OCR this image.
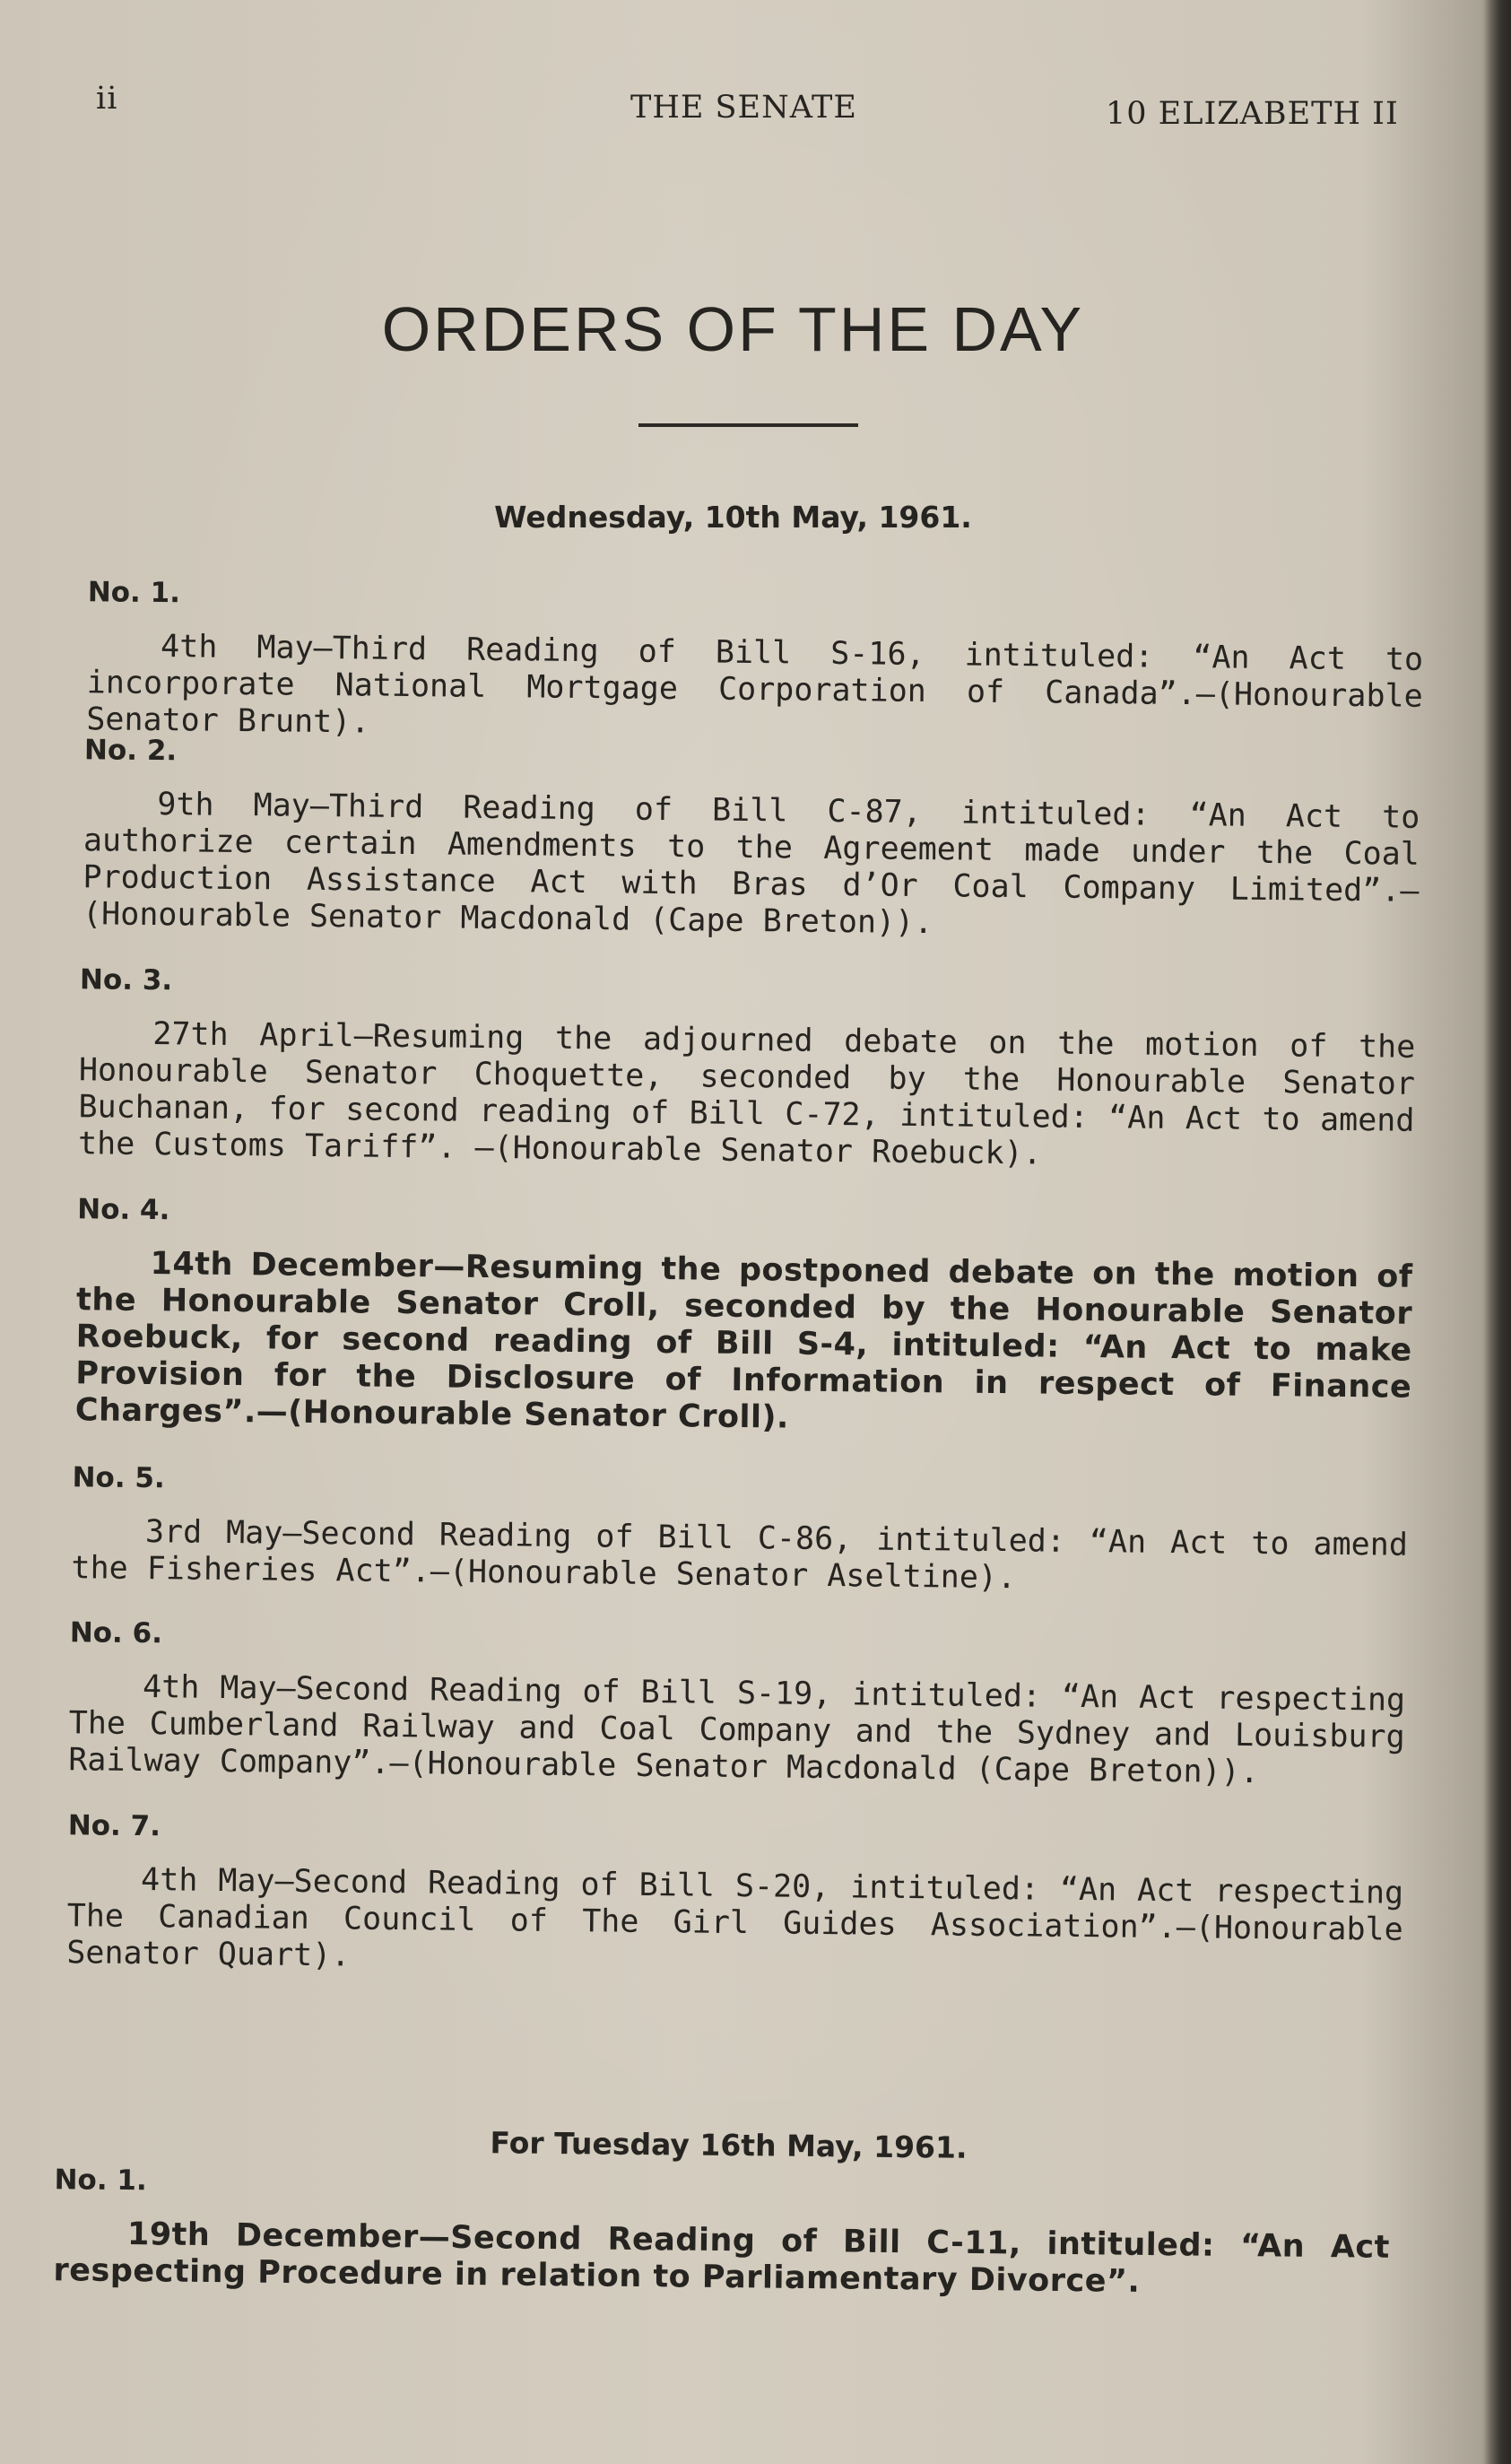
ii	THE SENATE	10 ELIZABETH II
ORDERS OF THE DAY
Wednesday, 10th May, 1961.
No. 1.
4th May—Third Reading of Bill S-16, intituled: “An Act to incorporate National Mortgage Corporation of Canada”.—(Honourable Senator Brunt).
No. 2.
9th May—Third Reading of Bill C-87, intituled: “An Act to authorize certain Amendments to the Agreement made under the Coal Production Assistance Act with Bras d’Or Coal Company Limited”.—(Honourable Senator Macdonald (Cape Breton)).
No. 3.
27th April—Resuming the adjourned debate on the motion of the Honourable Senator Choquette, seconded by the Honourable Senator Buchanan, for second reading of Bill C-72, intituled: “An Act to amend the Customs Tariff”. —(Honourable Senator Roebuck).
No. 4.
14th December—Resuming the postponed debate on the motion of the Honourable Senator Croll, seconded by the Honourable Senator Roebuck, for second reading of Bill S-4, intituled: “An Act to make Provision for the Disclosure of Information in respect of Finance Charges”.—(Honourable Senator Croll).
No. 5.
3rd May—Second Reading of Bill C-86, intituled: “An Act to amend the Fisheries Act”.—(Honourable Senator Aseltine).
No. 6.
4th May—Second Reading of Bill S-19, intituled: “An Act respecting The Cumberland Railway and Coal Company and the Sydney and Louisburg Railway Company”.—(Honourable Senator Macdonald (Cape Breton)).
No. 7.
4th May—Second Reading of Bill S-20, intituled: “An Act respecting The Canadian Council of The Girl Guides Association”.—(Honourable Senator Quart).
For Tuesday 16th May, 1961.
No. 1.
19th December—Second Reading of Bill C-11, intituled: “An Act respecting Procedure in relation to Parliamentary Divorce”.
